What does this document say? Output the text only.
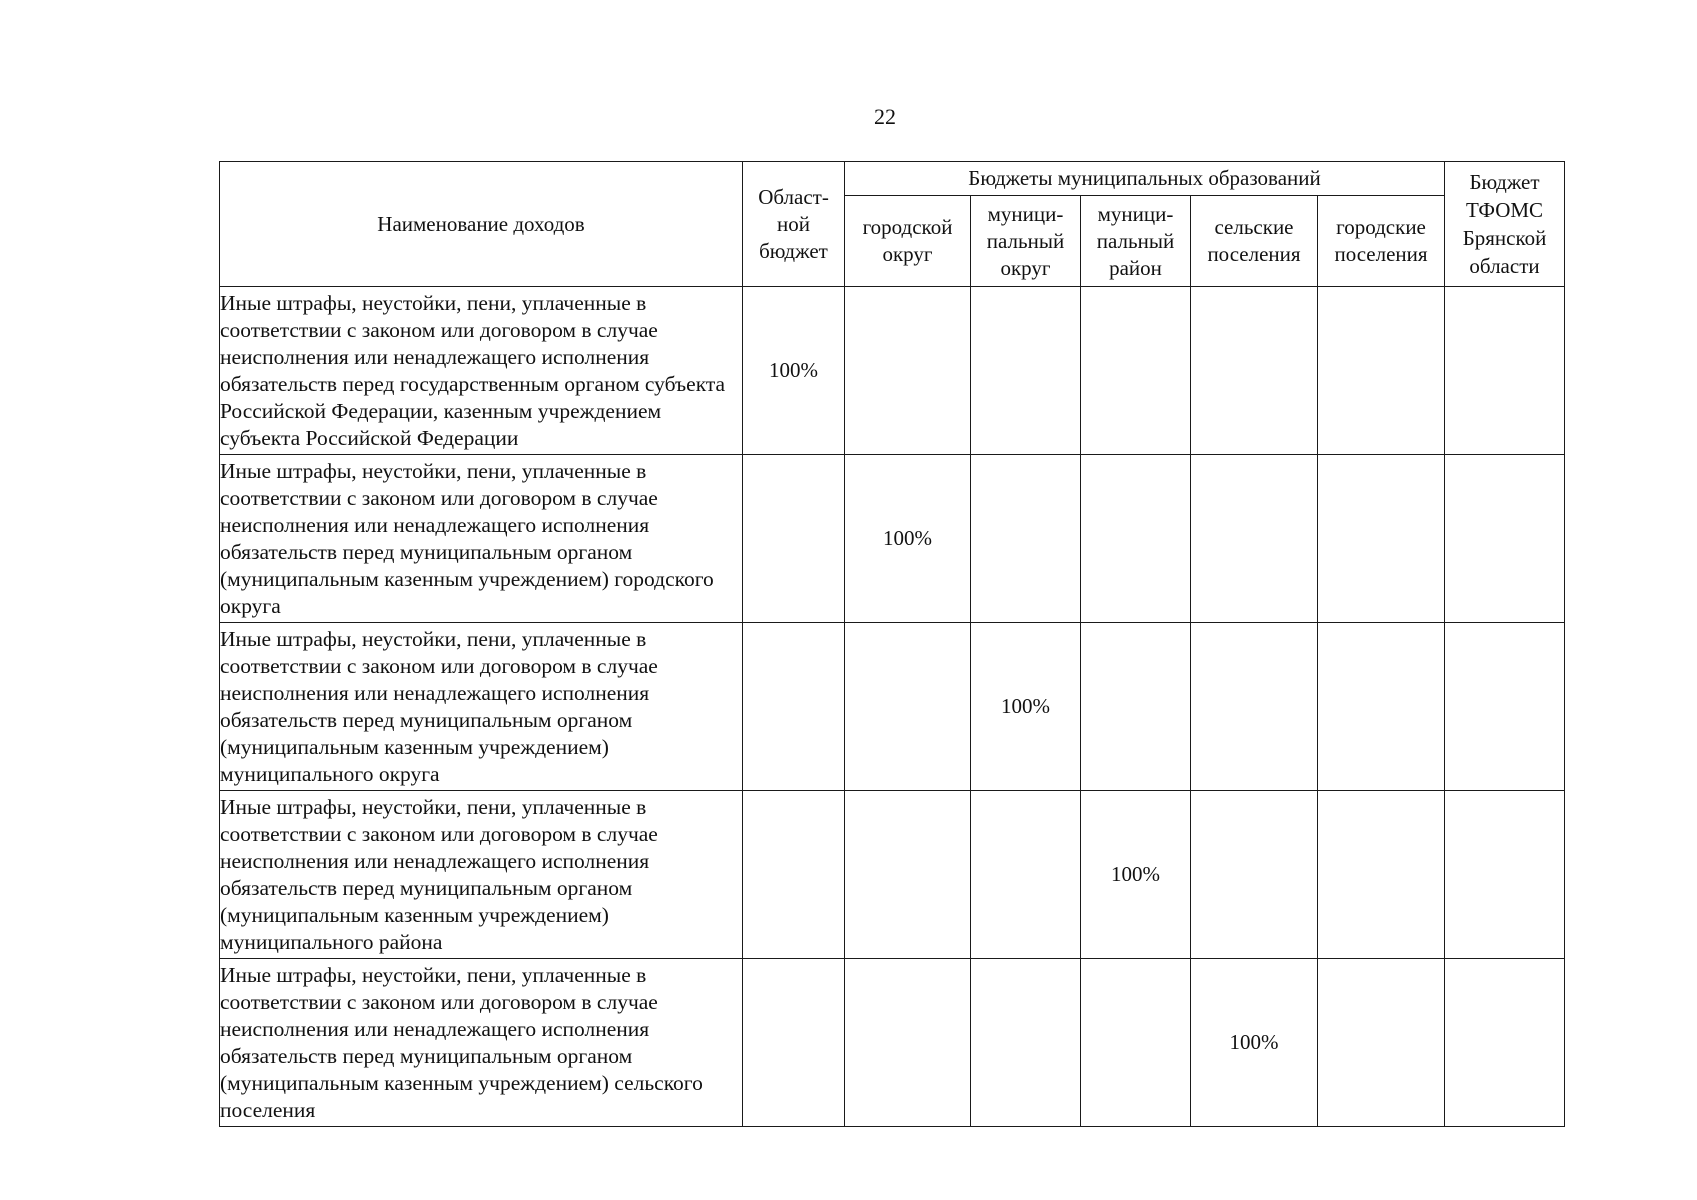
22
Наименование доходов	Област- ной бюджет	Бюджеты муниципальных образований					Бюджет ТФОМС Брянской области
		городской округ	муници- пальный округ	муници- пальный район	сельские поселения	городские поселения	
Иные штрафы, неустойки, пени, уплаченные в соответствии с законом или договором в случае неисполнения или ненадлежащего исполнения обязательств перед государственным органом субъекта Российской Федерации, казенным учреждением субъекта Российской Федерации	100%						
Иные штрафы, неустойки, пени, уплаченные в соответствии с законом или договором в случае неисполнения или ненадлежащего исполнения обязательств перед муниципальным органом (муниципальным казенным учреждением) городского округа		100%					
Иные штрафы, неустойки, пени, уплаченные в соответствии с законом или договором в случае неисполнения или ненадлежащего исполнения обязательств перед муниципальным органом (муниципальным казенным учреждением) муниципального округа			100%				
Иные штрафы, неустойки, пени, уплаченные в соответствии с законом или договором в случае неисполнения или ненадлежащего исполнения обязательств перед муниципальным органом (муниципальным казенным учреждением) муниципального района				100%			
Иные штрафы, неустойки, пени, уплаченные в соответствии с законом или договором в случае неисполнения или ненадлежащего исполнения обязательств перед муниципальным органом (муниципальным казенным учреждением) сельского поселения					100%		
